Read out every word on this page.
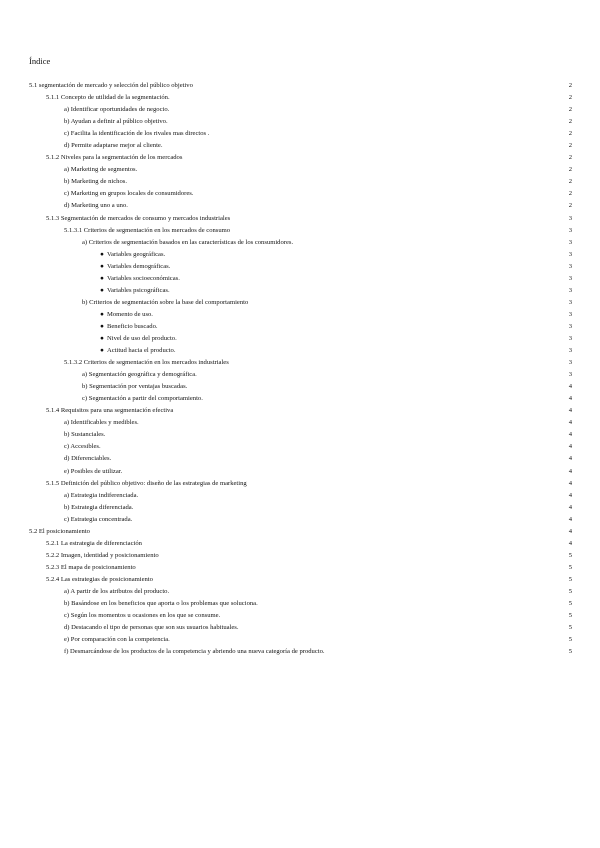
Índice
5.1 segmentación de mercado y selección del público objetivo	2
5.1.1 Concepto de utilidad de la segmentación.	2
a) Identificar oportunidades de negocio.	2
b) Ayudan a definir al público objetivo.	2
c) Facilita la identificación de los rivales mas directos .	2
d) Permite adaptarse mejor al cliente.	2
5.1.2 Niveles para la segmentación de los mercados	2
a) Marketing de segmentos.	2
b) Marketing de nichos.	2
c) Marketing en grupos locales de consumidores.	2
d) Marketing uno a uno.	2
5.1.3 Segmentación de mercados de consumo y mercados industriales	3
5.1.3.1 Criterios de segmentación en los mercados de consumo	3
a) Criterios de segmentación basados en las características de los consumidores.	3
● Variables geográficas.	3
● Variables demográficas.	3
● Variables socioeconómicas.	3
● Variables psicográficas.	3
b) Criterios de segmentación sobre la base del comportamiento	3
● Momento de uso.	3
● Beneficio buscado.	3
● Nivel de uso del producto.	3
● Actitud hacia el producto.	3
5.1.3.2 Criterios de segmentación en los mercados industriales	3
a) Segmentación geográfica y demográfica.	3
b) Segmentación por ventajas buscadas.	4
c) Segmentación a partir del comportamiento.	4
5.1.4 Requisitos para una segmentación efectiva	4
a) Identificables y medibles.	4
b) Sustanciales.	4
c) Accesibles.	4
d) Diferenciables.	4
e) Posibles de utilizar.	4
5.1.5 Definición del público objetivo: diseño de las estrategias de marketing	4
a) Estrategia indiferenciada.	4
b) Estrategia diferenciada.	4
c) Estrategia concentrada.	4
5.2 El posicionamiento	4
5.2.1 La estrategia de diferenciación	4
5.2.2 Imagen, identidad y posicionamiento	5
5.2.3 El mapa de posicionamiento	5
5.2.4 Las estrategias de posicionamiento	5
a) A partir de los atributos del producto.	5
b) Basándose en los beneficios que aporta o los problemas que soluciona.	5
c) Según los momentos u ocasiones en los que se consume.	5
d) Destacando el tipo de personas que son sus usuarios habituales.	5
e) Por comparación con la competencia.	5
f) Desmarcándose de los productos de la competencia y abriendo una nueva categoría de producto.	5
